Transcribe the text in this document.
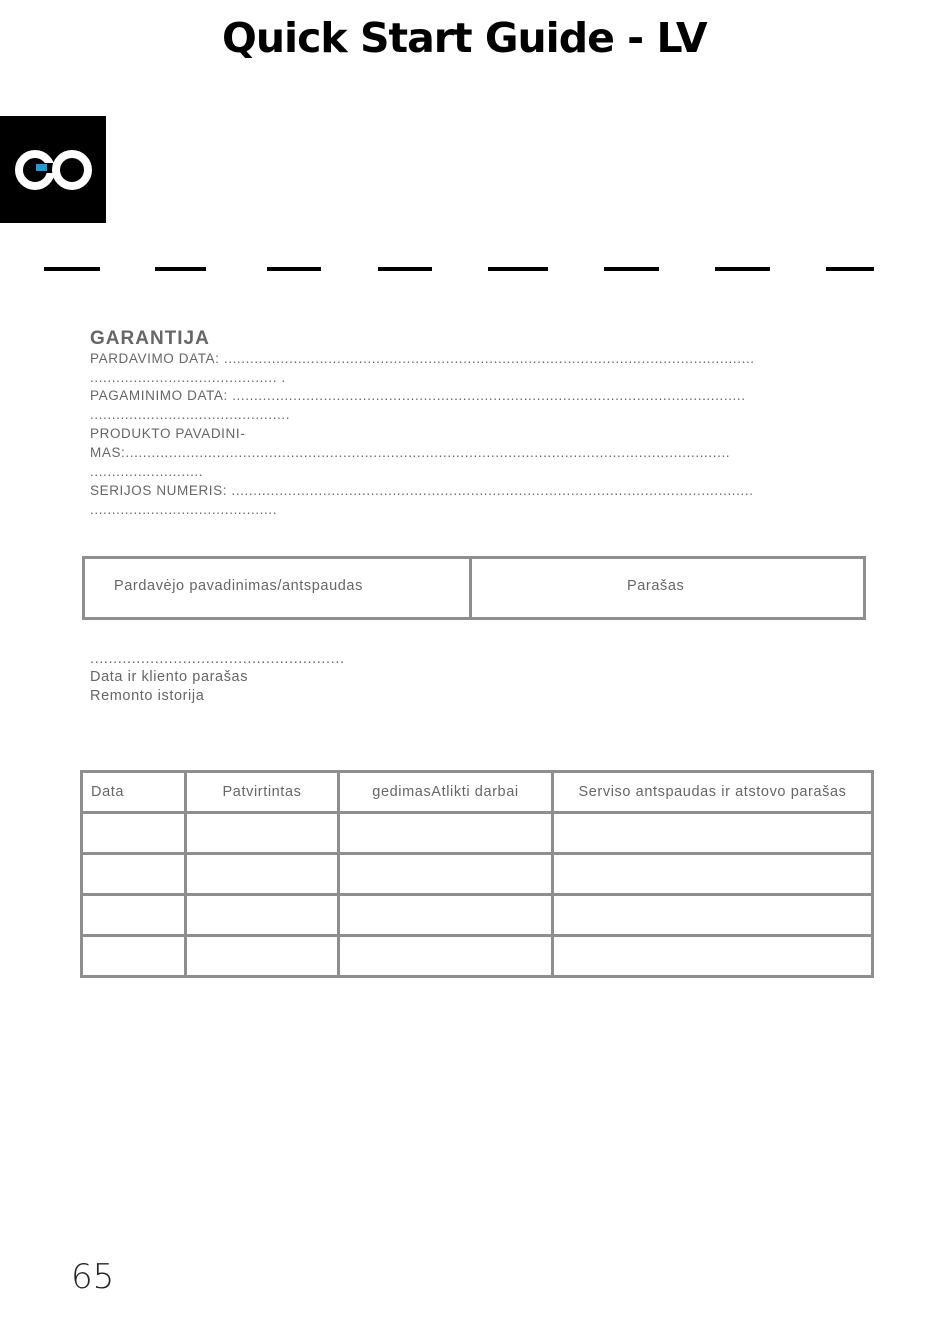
Quick Start Guide - LV
GARANTIJA
PARDAVIMO DATA: ..........................................................................................................................
........................................... .
PAGAMINIMO DATA: ......................................................................................................................
..............................................
PRODUKTO PAVADINI-
MAS:...........................................................................................................................................
..........................
SERIJOS NUMERIS: ........................................................................................................................
...........................................
Pardavėjo pavadinimas/antspaudas	Parašas
.......................................................
Data ir kliento parašas
Remonto istorija
Data	Patvirtintas	gedimasAtlikti darbai	Serviso antspaudas ir atstovo parašas

65
